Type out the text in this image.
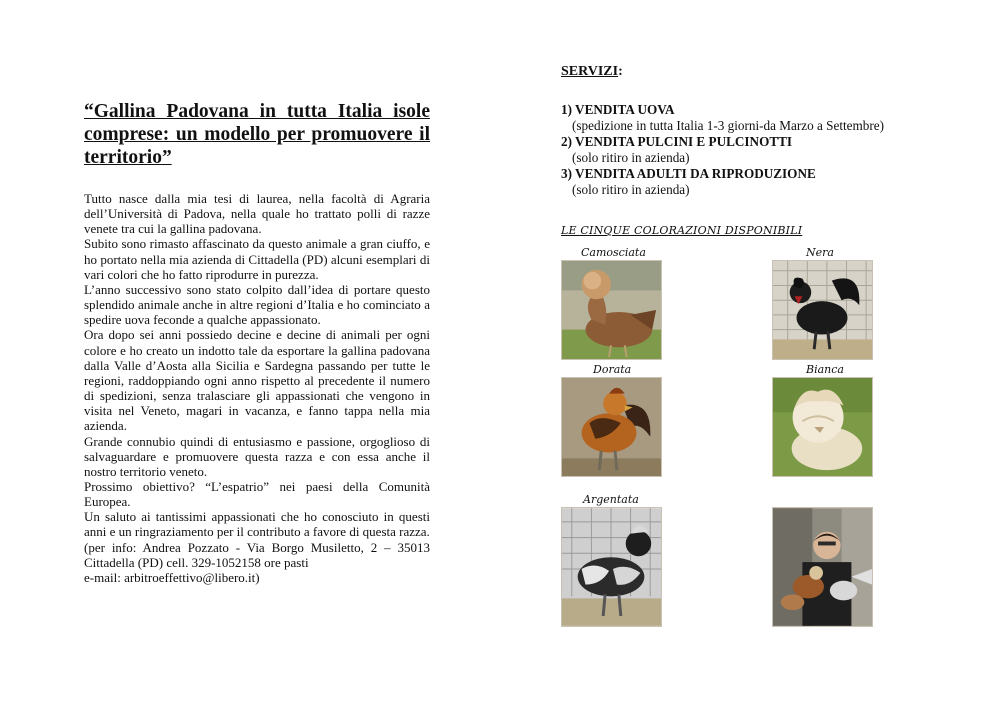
“Gallina Padovana in tutta Italia isole comprese: un modello per promuovere il territorio”

Tutto nasce dalla mia tesi di laurea, nella facoltà di Agraria dell’Università di Padova, nella quale ho trattato polli di razze venete tra cui la gallina padovana.

Subito sono rimasto affascinato da questo animale a gran ciuffo, e ho portato nella mia azienda di Cittadella (PD) alcuni esemplari di vari colori che ho fatto riprodurre in purezza.

L’anno successivo sono stato colpito dall’idea di portare questo splendido animale anche in altre regioni d’Italia e ho cominciato a spedire uova feconde a qualche appassionato.

Ora dopo sei anni possiedo decine e decine di animali per ogni colore e ho creato un indotto tale da esportare la gallina padovana dalla Valle d’Aosta alla Sicilia e Sardegna passando per tutte le regioni, raddoppiando ogni anno rispetto al precedente il numero di spedizioni, senza tralasciare gli appassionati che vengono in visita nel Veneto, magari in vacanza, e fanno tappa nella mia azienda.

Grande connubio quindi di entusiasmo e passione, orgoglioso di salvaguardare e promuovere questa razza e con essa anche il nostro territorio veneto.

Prossimo obiettivo? “L’espatrio” nei paesi della Comunità Europea.

Un saluto ai tantissimi appassionati che ho conosciuto in questi anni e un ringraziamento per il contributo a favore di questa razza.

(per info: Andrea Pozzato - Via Borgo Musiletto, 2 – 35013 Cittadella (PD) cell. 329-1052158 ore pasti

e-mail: arbitroeffettivo@libero.it)

SERVIZI:
1) VENDITA UOVA
(spedizione in tutta Italia 1-3 giorni-da Marzo a Settembre)
2) VENDITA PULCINI E PULCINOTTI
(solo ritiro in azienda)
3) VENDITA ADULTI DA RIPRODUZIONE
(solo ritiro in azienda)
LE CINQUE COLORAZIONI DISPONIBILI
Camosciata	Nera
Dorata	Bianca
Argentata
